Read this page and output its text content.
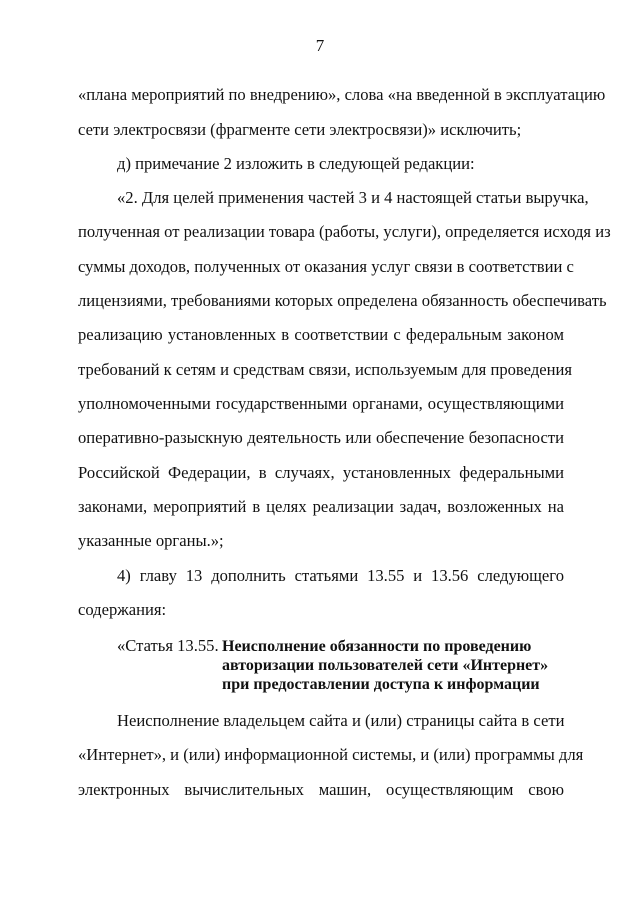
7
«плана мероприятий по внедрению», слова «на введенной в эксплуатацию
сети электросвязи (фрагменте сети электросвязи)» исключить;
д) примечание 2 изложить в следующей редакции:
«2. Для целей применения частей 3 и 4 настоящей статьи выручка,
полученная от реализации товара (работы, услуги), определяется исходя из
суммы доходов, полученных от оказания услуг связи в соответствии с
лицензиями, требованиями которых определена обязанность обеспечивать
реализацию установленных в соответствии с федеральным законом
требований к сетям и средствам связи, используемым для проведения
уполномоченными государственными органами, осуществляющими
оперативно-разыскную деятельность или обеспечение безопасности
Российской Федерации, в случаях, установленных федеральными
законами, мероприятий в целях реализации задач, возложенных на
указанные органы.»;
4) главу 13 дополнить статьями 13.55 и 13.56 следующего
содержания:
«Статья 13.55. Неисполнение обязанности по проведению
авторизации пользователей сети «Интернет»
при предоставлении доступа к информации
Неисполнение владельцем сайта и (или) страницы сайта в сети
«Интернет», и (или) информационной системы, и (или) программы для
электронных вычислительных машин, осуществляющим свою
